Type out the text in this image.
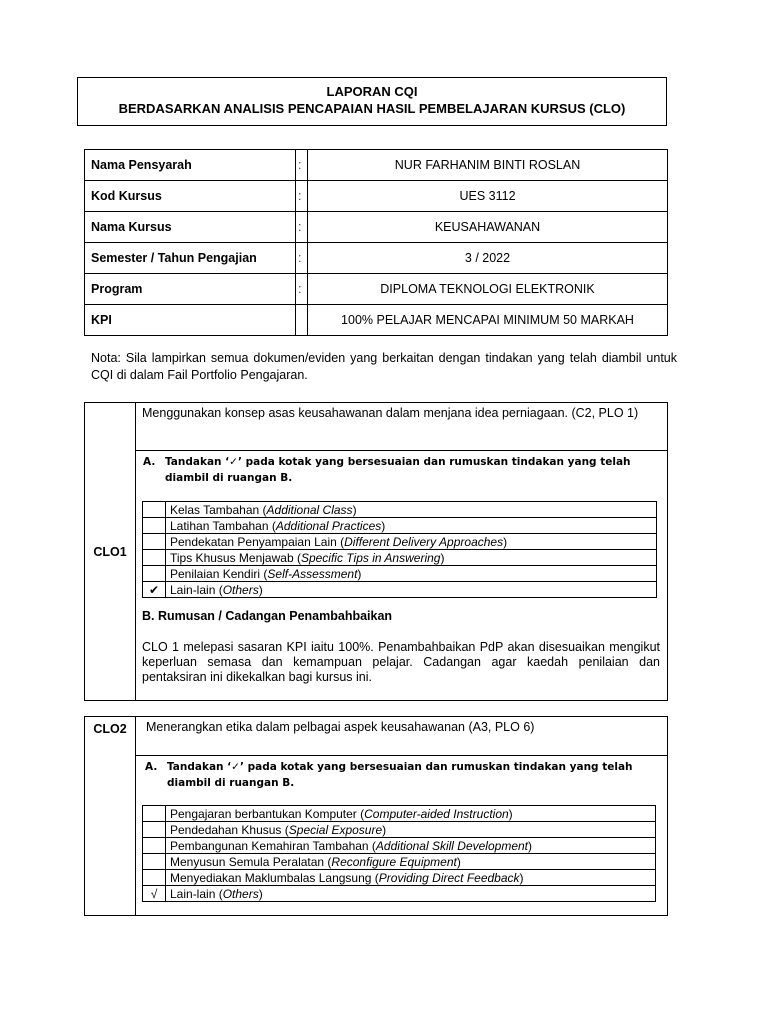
LAPORAN CQI
BERDASARKAN ANALISIS PENCAPAIAN HASIL PEMBELAJARAN KURSUS (CLO)
Nama Pensyarah	:	NUR FARHANIM BINTI ROSLAN
Kod Kursus	:	UES 3112
Nama Kursus	:	KEUSAHAWANAN
Semester / Tahun Pengajian	:	3 / 2022
Program	:	DIPLOMA TEKNOLOGI ELEKTRONIK
KPI		100% PELAJAR MENCAPAI MINIMUM 50 MARKAH
Nota: Sila lampirkan semua dokumen/eviden yang berkaitan dengan tindakan yang telah diambil untuk CQI di dalam Fail Portfolio Pengajaran.
CLO1
Menggunakan konsep asas keusahawanan dalam menjana idea perniagaan. (C2, PLO 1)
A. Tandakan ‘✓’ pada kotak yang bersesuaian dan rumuskan tindakan yang telah diambil di ruangan B.
	Kelas Tambahan (Additional Class)
	Latihan Tambahan (Additional Practices)
	Pendekatan Penyampaian Lain (Different Delivery Approaches)
	Tips Khusus Menjawab (Specific Tips in Answering)
	Penilaian Kendiri (Self-Assessment)
✔	Lain-lain (Others)
B. Rumusan / Cadangan Penambahbaikan
CLO 1 melepasi sasaran KPI iaitu 100%. Penambahbaikan PdP akan disesuaikan mengikut keperluan semasa dan kemampuan pelajar. Cadangan agar kaedah penilaian dan pentaksiran ini dikekalkan bagi kursus ini.
CLO2	Menerangkan etika dalam pelbagai aspek keusahawanan (A3, PLO 6)
A. Tandakan ‘✓’ pada kotak yang bersesuaian dan rumuskan tindakan yang telah diambil di ruangan B.
	Pengajaran berbantukan Komputer (Computer-aided Instruction)
	Pendedahan Khusus (Special Exposure)
	Pembangunan Kemahiran Tambahan (Additional Skill Development)
	Menyusun Semula Peralatan (Reconfigure Equipment)
	Menyediakan Maklumbalas Langsung (Providing Direct Feedback)
√	Lain-lain (Others)
